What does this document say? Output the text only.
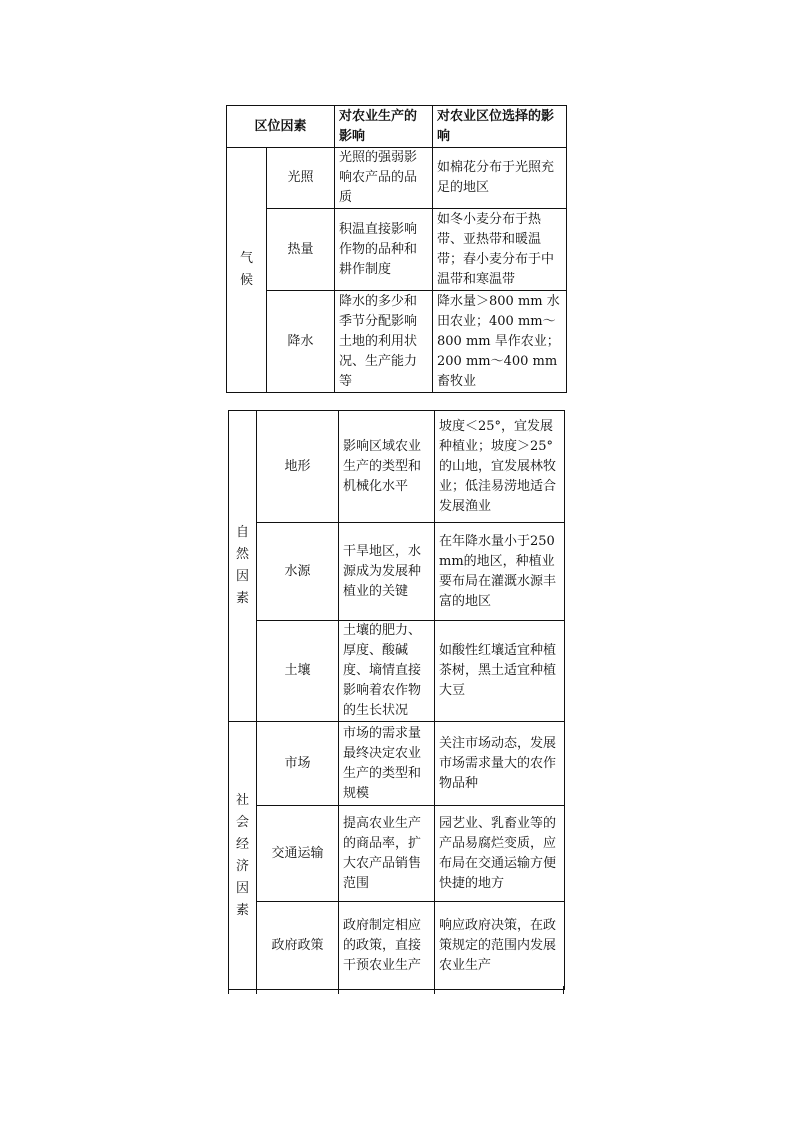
区位因素		对农业生产的影响	对农业区位选择的影响
气候	光照	光照的强弱影响农产品的品质	如棉花分布于光照充足的地区
	热量	积温直接影响作物的品种和耕作制度	如冬小麦分布于热带、亚热带和暖温带；春小麦分布于中温带和寒温带
	降水	降水的多少和季节分配影响土地的利用状况、生产能力等	降水量＞800 mm 水田农业；400 mm～800 mm 旱作农业；200 mm～400 mm畜牧业
自然因素	地形	影响区域农业生产的类型和机械化水平	坡度＜25°，宜发展种植业；坡度＞25°的山地，宜发展林牧业；低洼易涝地适合发展渔业
	水源	干旱地区，水源成为发展种植业的关键	在年降水量小于250 mm的地区，种植业要布局在灌溉水源丰富的地区
	土壤	土壤的肥力、厚度、酸碱度、墒情直接影响着农作物的生长状况	如酸性红壤适宜种植茶树，黑土适宜种植大豆
社会经济因素	市场	市场的需求量最终决定农业生产的类型和规模	关注市场动态，发展市场需求量大的农作物品种
	交通运输	提高农业生产的商品率，扩大农产品销售范围	园艺业、乳畜业等的产品易腐烂变质，应布局在交通运输方便快捷的地方
	政府政策	政府制定相应的政策，直接干预农业生产	响应政府决策，在政策规定的范围内发展农业生产
